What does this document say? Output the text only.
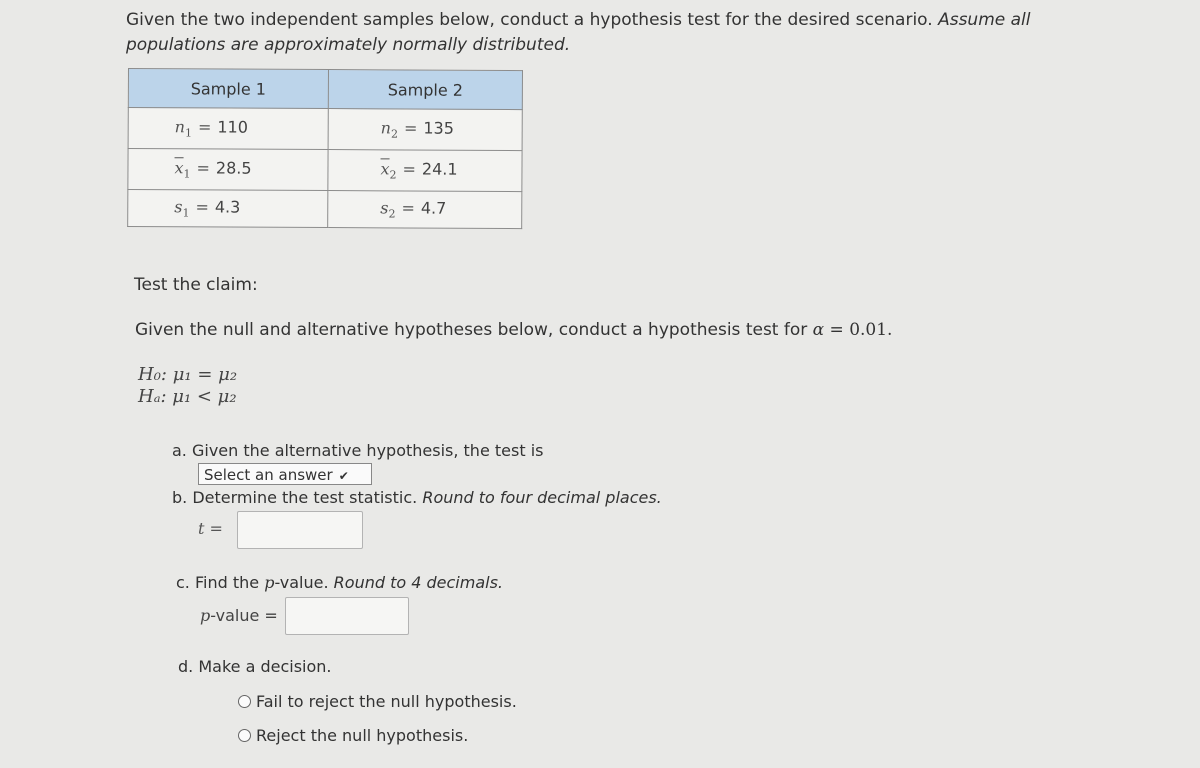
Given the two independent samples below, conduct a hypothesis test for the desired scenario. Assume all
populations are approximately normally distributed.
Sample 1	Sample 2

$n_1 = 110$	$n_2 = 135$

$\overline{x}_1 = 28.5$	$\overline{x}_2 = 24.1$

$s_1 = 4.3$	$s_2 = 4.7$
Test the claim:
Given the null and alternative hypotheses below, conduct a hypothesis test for α = 0.01.
H₀: μ₁ = μ₂
Hₐ: μ₁ < μ₂
a. Given the alternative hypothesis, the test is
Select an answer ✔
b. Determine the test statistic. Round to four decimal places.
t =
c. Find the p-value. Round to 4 decimals.
p-value =
d. Make a decision.
Fail to reject the null hypothesis.
Reject the null hypothesis.
